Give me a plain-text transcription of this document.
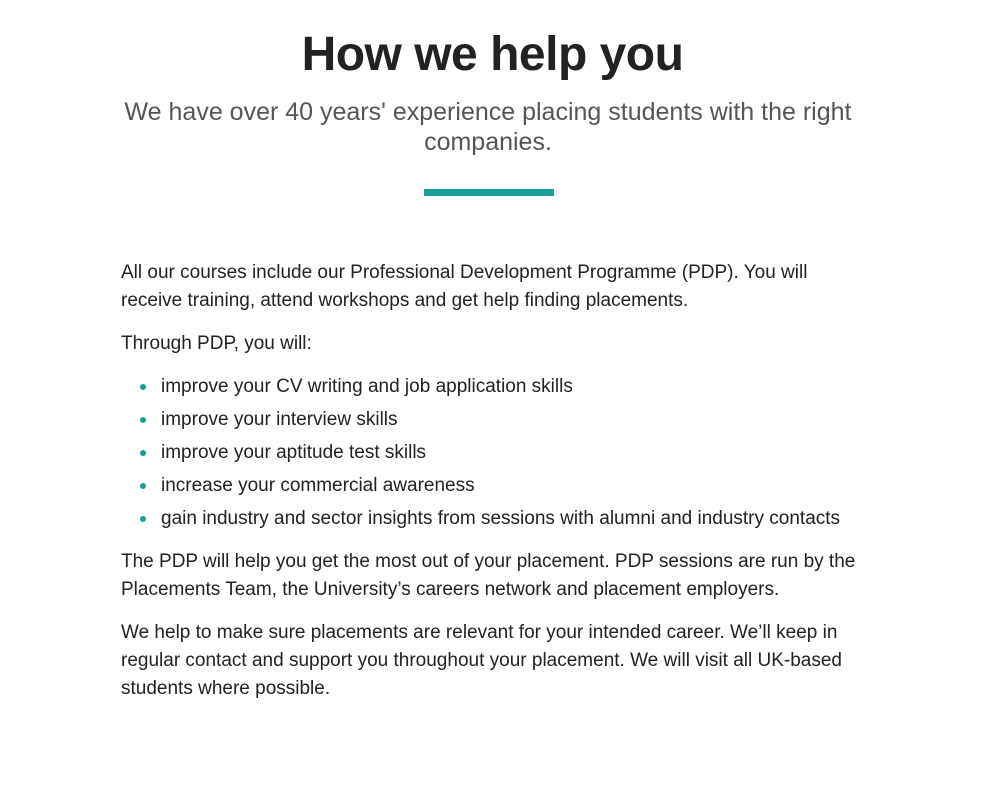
How we help you

We have over 40 years' experience placing students with the right companies.

All our courses include our Professional Development Programme (PDP). You will receive training, attend workshops and get help finding placements.

Through PDP, you will:

improve your CV writing and job application skills
improve your interview skills
improve your aptitude test skills
increase your commercial awareness
gain industry and sector insights from sessions with alumni and industry contacts

The PDP will help you get the most out of your placement. PDP sessions are run by the Placements Team, the University’s careers network and placement employers.

We help to make sure placements are relevant for your intended career. We’ll keep in regular contact and support you throughout your placement. We will visit all UK-based students where possible.
